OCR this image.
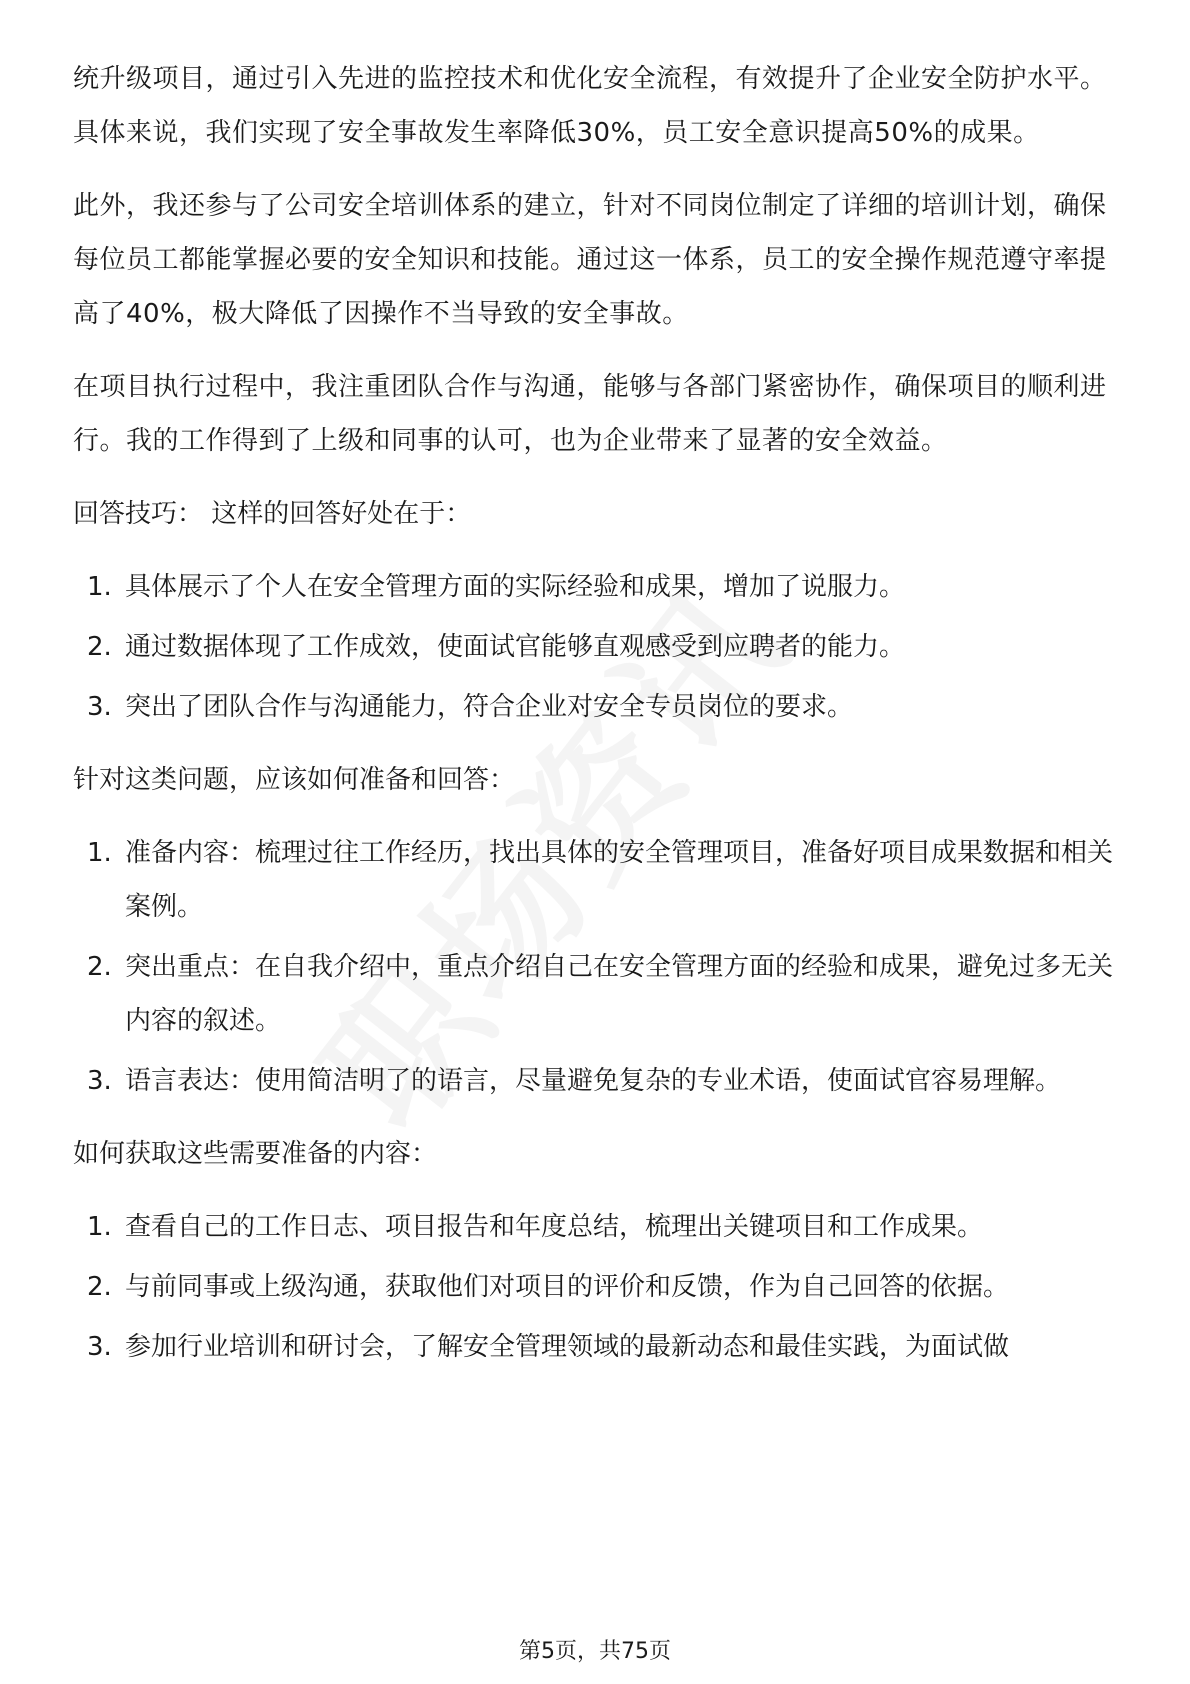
统升级项目，通过引入先进的监控技术和优化安全流程，有效提升了企业安全防护水平。具体来说，我们实现了安全事故发生率降低30%，员工安全意识提高50%的成果。

此外，我还参与了公司安全培训体系的建立，针对不同岗位制定了详细的培训计划，确保每位员工都能掌握必要的安全知识和技能。通过这一体系，员工的安全操作规范遵守率提高了40%，极大降低了因操作不当导致的安全事故。

在项目执行过程中，我注重团队合作与沟通，能够与各部门紧密协作，确保项目的顺利进行。我的工作得到了上级和同事的认可，也为企业带来了显著的安全效益。

回答技巧： 这样的回答好处在于：

1. 具体展示了个人在安全管理方面的实际经验和成果，增加了说服力。
2. 通过数据体现了工作成效，使面试官能够直观感受到应聘者的能力。
3. 突出了团队合作与沟通能力，符合企业对安全专员岗位的要求。

针对这类问题，应该如何准备和回答：

1. 准备内容：梳理过往工作经历，找出具体的安全管理项目，准备好项目成果数据和相关案例。
2. 突出重点：在自我介绍中，重点介绍自己在安全管理方面的经验和成果，避免过多无关内容的叙述。
3. 语言表达：使用简洁明了的语言，尽量避免复杂的专业术语，使面试官容易理解。

如何获取这些需要准备的内容：

1. 查看自己的工作日志、项目报告和年度总结，梳理出关键项目和工作成果。
2. 与前同事或上级沟通，获取他们对项目的评价和反馈，作为自己回答的依据。
3. 参加行业培训和研讨会，了解安全管理领域的最新动态和最佳实践，为面试做
第5页，共75页
